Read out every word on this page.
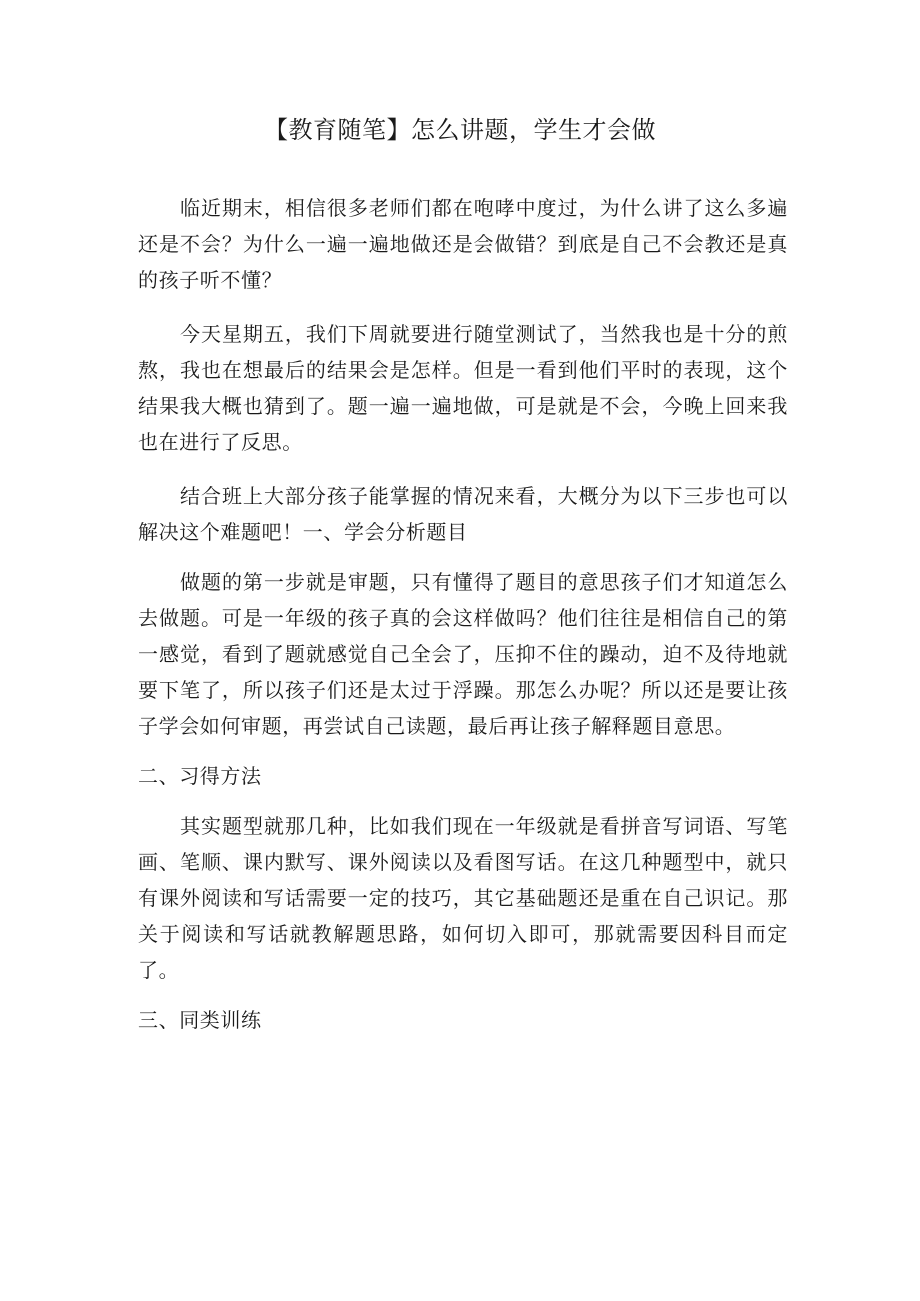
【教育随笔】怎么讲题，学生才会做

临近期末，相信很多老师们都在咆哮中度过，为什么讲了这么多遍还是不会？为什么一遍一遍地做还是会做错？到底是自己不会教还是真的孩子听不懂？

今天星期五，我们下周就要进行随堂测试了，当然我也是十分的煎熬，我也在想最后的结果会是怎样。但是一看到他们平时的表现，这个结果我大概也猜到了。题一遍一遍地做，可是就是不会，今晚上回来我也在进行了反思。

结合班上大部分孩子能掌握的情况来看，大概分为以下三步也可以解决这个难题吧！一、学会分析题目

做题的第一步就是审题，只有懂得了题目的意思孩子们才知道怎么去做题。可是一年级的孩子真的会这样做吗？他们往往是相信自己的第一感觉，看到了题就感觉自己全会了，压抑不住的躁动，迫不及待地就要下笔了，所以孩子们还是太过于浮躁。那怎么办呢？所以还是要让孩子学会如何审题，再尝试自己读题，最后再让孩子解释题目意思。

二、习得方法

其实题型就那几种，比如我们现在一年级就是看拼音写词语、写笔画、笔顺、课内默写、课外阅读以及看图写话。在这几种题型中，就只有课外阅读和写话需要一定的技巧，其它基础题还是重在自己识记。那关于阅读和写话就教解题思路，如何切入即可，那就需要因科目而定了。

三、同类训练
